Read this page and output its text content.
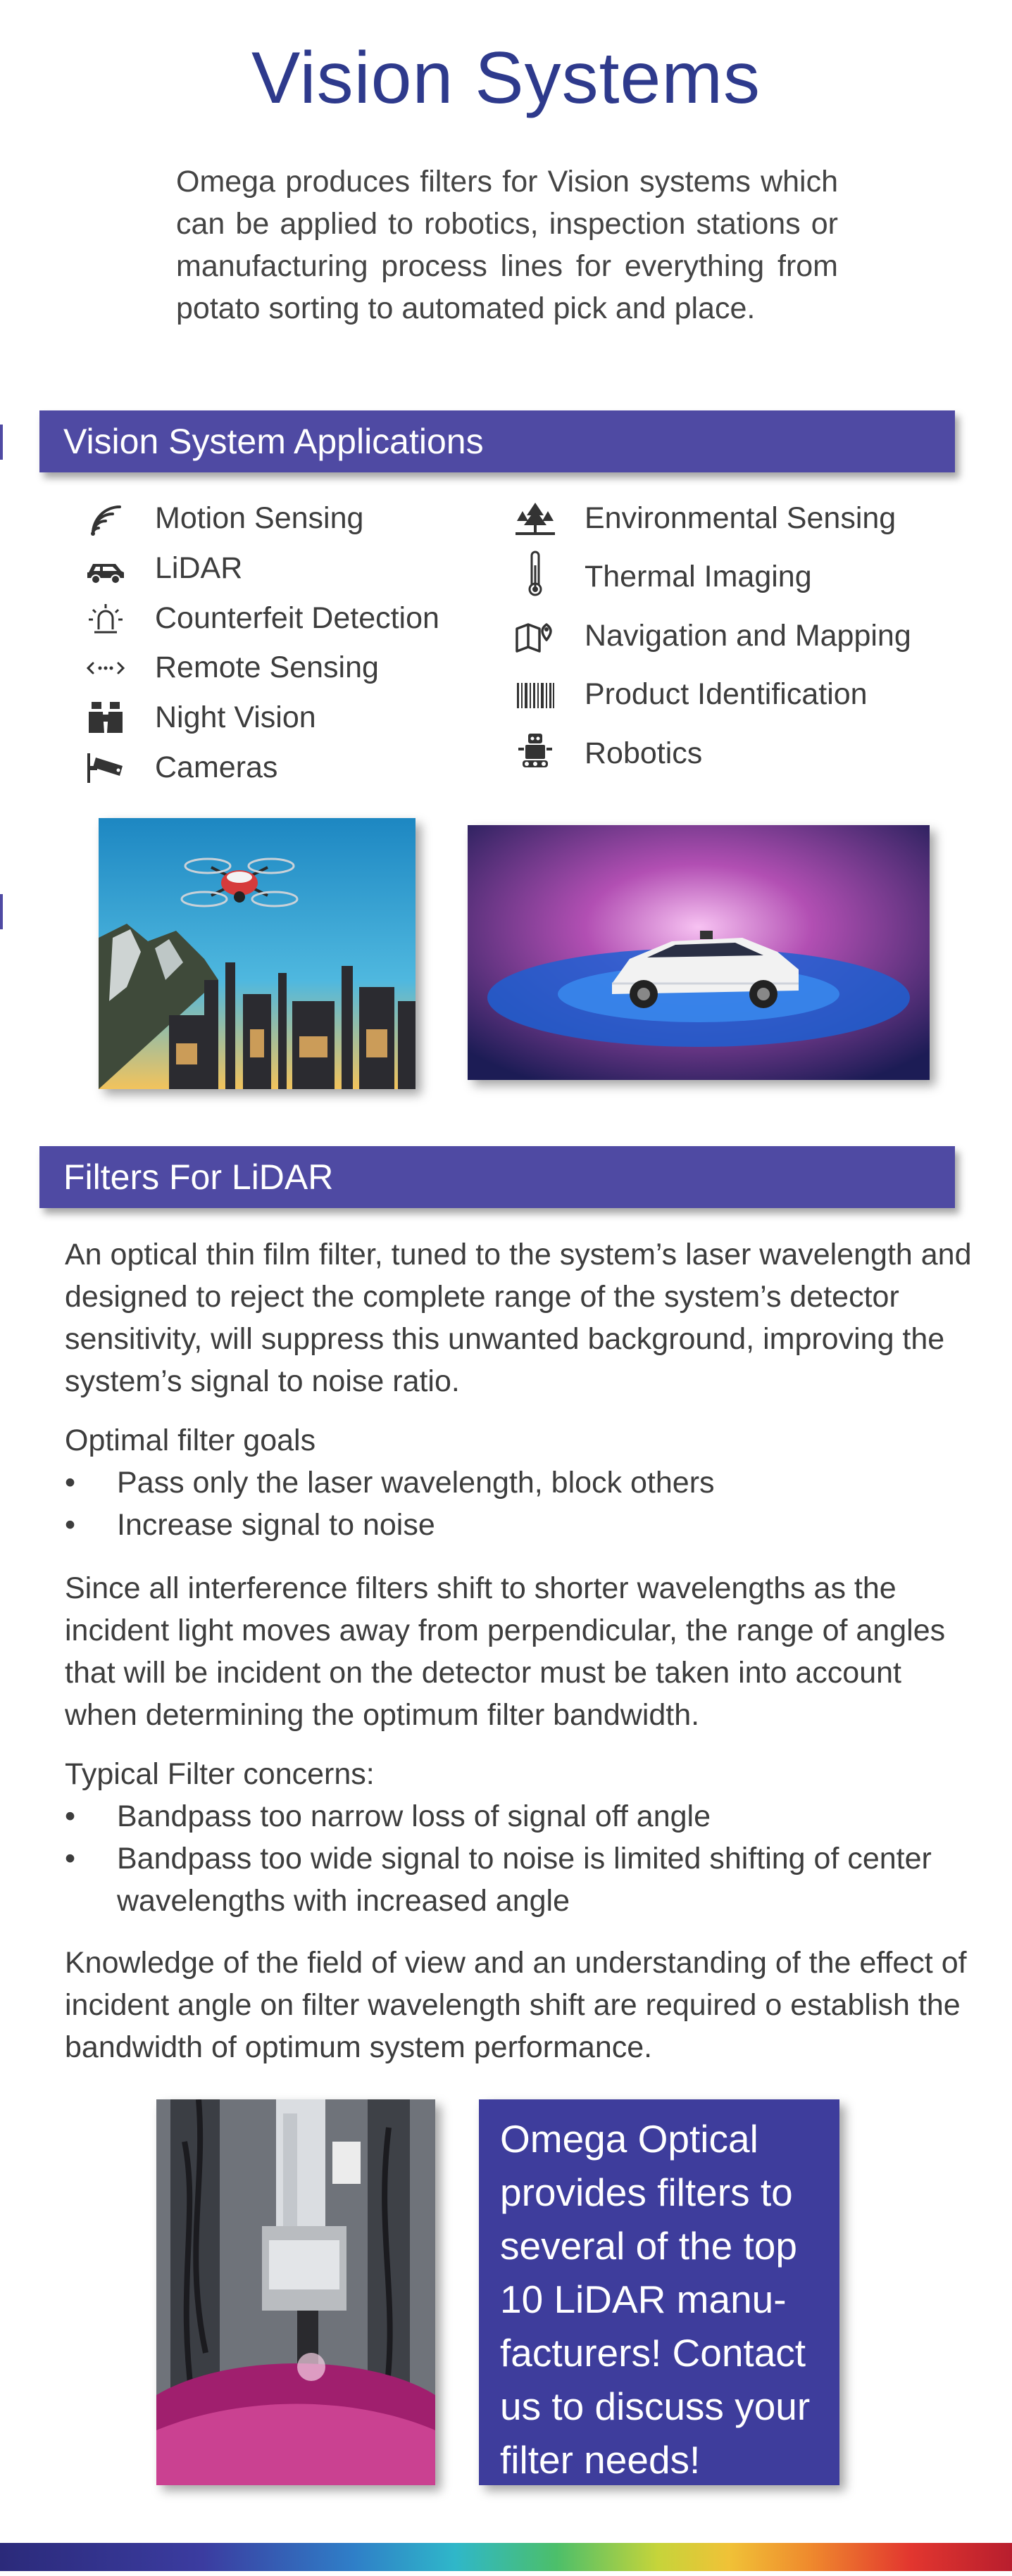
Vision Systems

Omega produces filters for Vision systems which can be applied to robotics, inspection stations or manufacturing process lines for everything from potato sorting to automated pick and place.

Vision System Applications
Motion Sensing
LiDAR
Counterfeit Detection
Remote Sensing
Night Vision
Cameras
Environmental Sensing
Thermal Imaging
Navigation and Mapping
Product Identification
Robotics
Filters For LiDAR

An optical thin film filter, tuned to the system’s laser wavelength and designed to reject the complete range of the system’s detector sensitivity, will suppress this unwanted background, improving the system’s signal to noise ratio.

Optimal filter goals

• Pass only the laser wavelength, block others
• Increase signal to noise

Since all interference filters shift to shorter wavelengths as the incident light moves away from perpendicular, the range of angles that will be incident on the detector must be taken into account when determining the optimum filter bandwidth.

Typical Filter concerns:

• Bandpass too narrow loss of signal off angle
• Bandpass too wide signal to noise is limited shifting of center wavelengths with increased angle

Knowledge of the field of view and an understanding of the effect of incident angle on filter wavelength shift are required o establish the bandwidth of optimum system performance.

Omega Optical provides filters to several of the top 10 LiDAR manu-facturers! Contact us to discuss your filter needs!
